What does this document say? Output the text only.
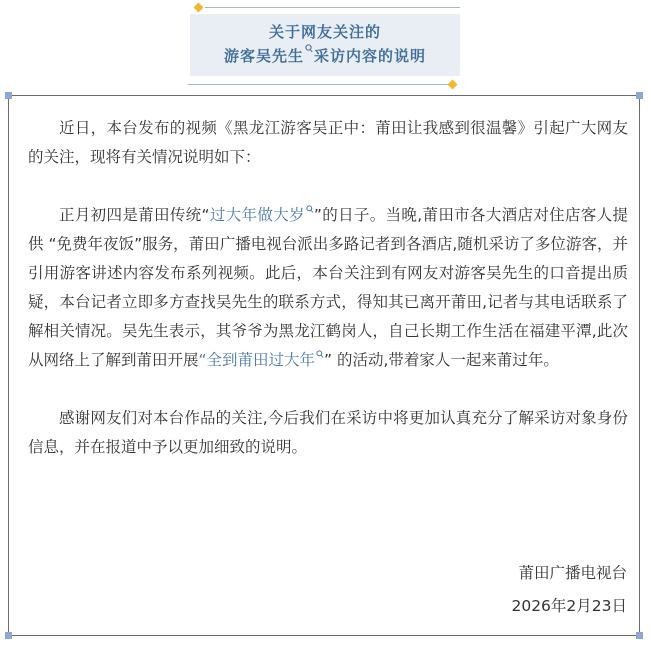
关于网友关注的
游客吴先生 采访内容的说明

近日，本台发布的视频《黑龙江游客吴正中：莆田让我感到很温馨》引起广大网友的关注，现将有关情况说明如下：

正月初四是莆田传统“过大年做大岁 ”的日子。当晚,莆田市各大酒店对住店客人提供 “免费年夜饭”服务，莆田广播电视台派出多路记者到各酒店,随机采访了多位游客，并引用游客讲述内容发布系列视频。此后，本台关注到有网友对游客吴先生的口音提出质疑，本台记者立即多方查找吴先生的联系方式，得知其已离开莆田,记者与其电话联系了解相关情况。吴先生表示，其爷爷为黑龙江鹤岗人，自己长期工作生活在福建平潭,此次从网络上了解到莆田开展“全到莆田过大年 ” 的活动,带着家人一起来莆过年。

感谢网友们对本台作品的关注,今后我们在采访中将更加认真充分了解采访对象身份信息，并在报道中予以更加细致的说明。

莆田广播电视台
2026年2月23日
